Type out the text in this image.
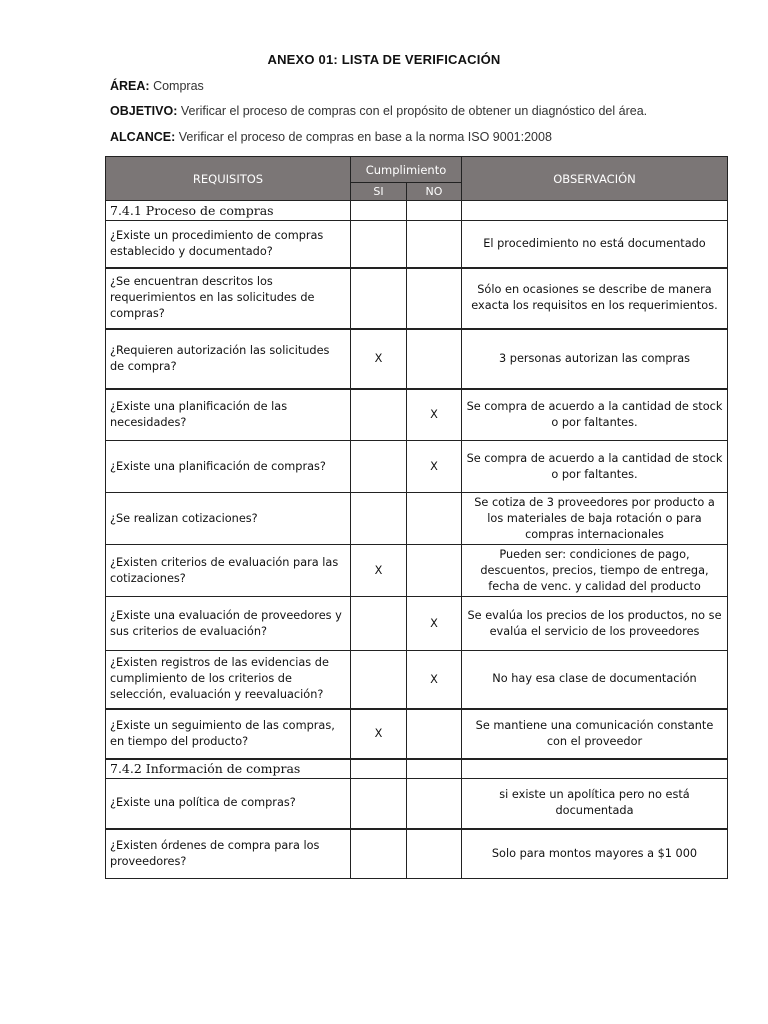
ANEXO 01: LISTA DE VERIFICACIÓN
ÁREA: Compras
OBJETIVO: Verificar el proceso de compras con el propósito de obtener un diagnóstico del área.
ALCANCE: Verificar el proceso de compras en base a la norma ISO 9001:2008
REQUISITOS	Cumplimiento		OBSERVACIÓN
	SI	NO	
7.4.1 Proceso de compras			
¿Existe un procedimiento de compras establecido y documentado?			El procedimiento no está documentado
¿Se encuentran descritos los requerimientos en las solicitudes de compras?			Sólo en ocasiones se describe de manera exacta los requisitos en los requerimientos.
¿Requieren autorización las solicitudes de compra?	X		3 personas autorizan las compras
¿Existe una planificación de las necesidades?		X	Se compra de acuerdo a la cantidad de stock o por faltantes.
¿Existe una planificación de compras?		X	Se compra de acuerdo a la cantidad de stock o por faltantes.
¿Se realizan cotizaciones?			Se cotiza de 3 proveedores por producto a los materiales de baja rotación o para compras internacionales
¿Existen criterios de evaluación para las cotizaciones?	X		Pueden ser: condiciones de pago, descuentos, precios, tiempo de entrega, fecha de venc. y calidad del producto
¿Existe una evaluación de proveedores y sus criterios de evaluación?		X	Se evalúa los precios de los productos, no se evalúa el servicio de los proveedores
¿Existen registros de las evidencias de cumplimiento de los criterios de selección, evaluación y reevaluación?		X	No hay esa clase de documentación
¿Existe un seguimiento de las compras, en tiempo del producto?	X		Se mantiene una comunicación constante con el proveedor
7.4.2 Información de compras			
¿Existe una política de compras?			si existe un apolítica pero no está documentada
¿Existen órdenes de compra para los proveedores?			Solo para montos mayores a $1 000
